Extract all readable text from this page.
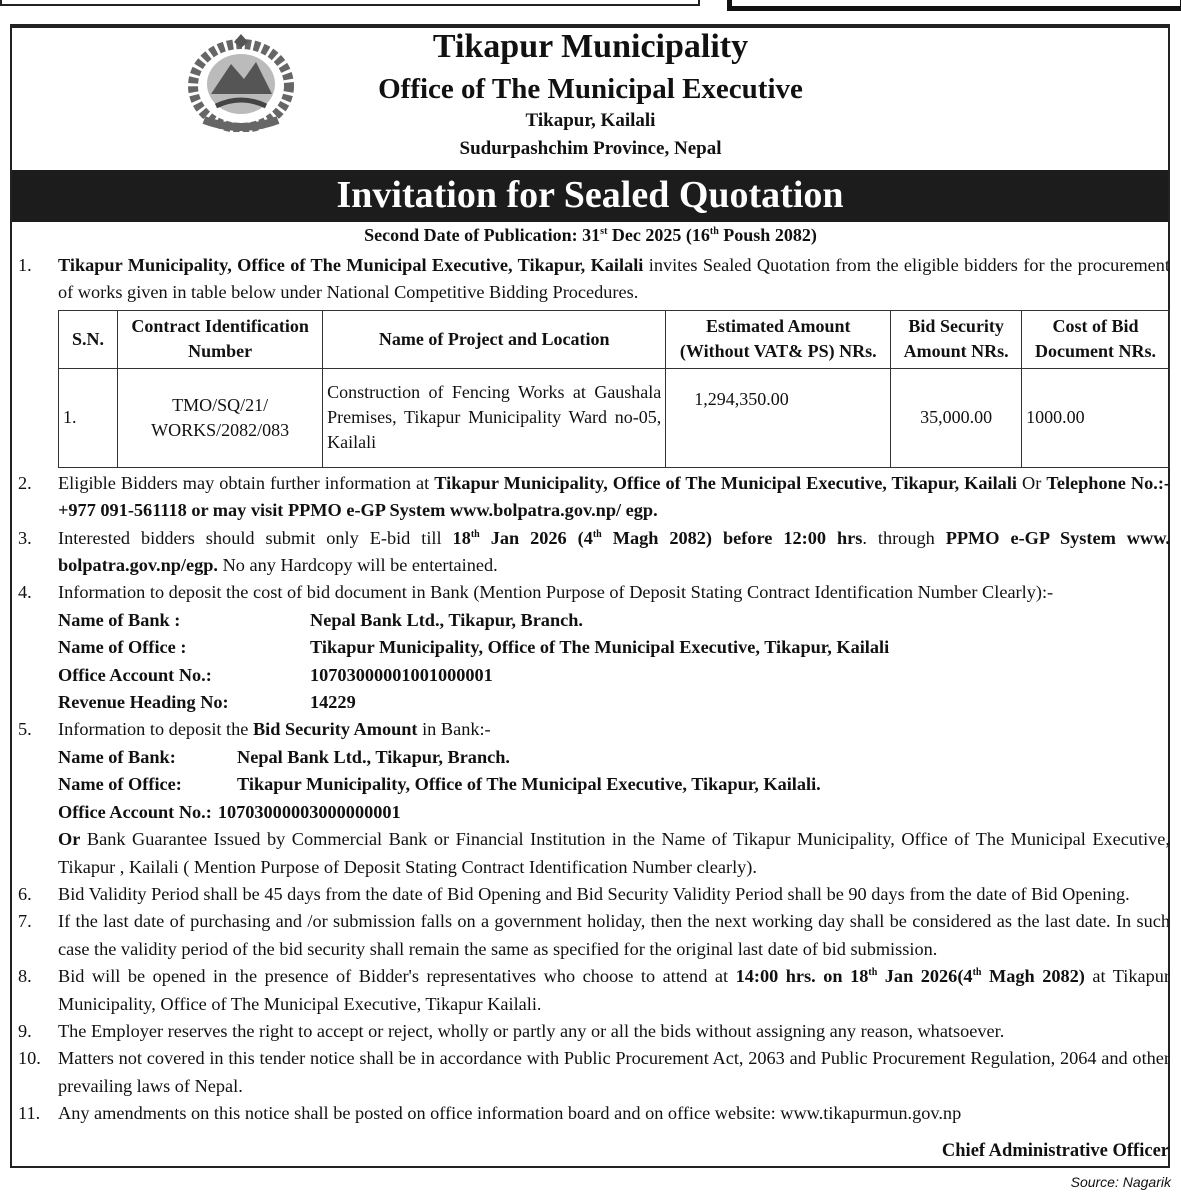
Tikapur Municipality
Office of The Municipal Executive
Tikapur, Kailali
Sudurpashchim Province, Nepal
Invitation for Sealed Quotation
Second Date of Publication: 31st Dec 2025 (16th Poush 2082)
1.	Tikapur Municipality, Office of The Municipal Executive, Tikapur, Kailali invites Sealed Quotation from the eligible bidders for the procurement of works given in table below under National Competitive Bidding Procedures.
S.N.	Contract Identification Number	Name of Project and Location	Estimated Amount (Without VAT& PS) NRs.	Bid Security Amount NRs.	Cost of Bid Document NRs.
1.	TMO/SQ/21/ WORKS/2082/083	Construction of Fencing Works at Gaushala Premises, Tikapur Municipality Ward no-05, Kailali	1,294,350.00	35,000.00	1000.00
2.	Eligible Bidders may obtain further information at Tikapur Municipality, Office of The Municipal Executive, Tikapur, Kailali Or Telephone No.:- +977 091-561118 or may visit PPMO e-GP System www.bolpatra.gov.np/ egp.
3.	Interested bidders should submit only E-bid till 18th Jan 2026 (4th Magh 2082) before 12:00 hrs. through PPMO e-GP System www. bolpatra.gov.np/egp. No any Hardcopy will be entertained.
4.	Information to deposit the cost of bid document in Bank (Mention Purpose of Deposit Stating Contract Identification Number Clearly):-
Name of Bank :	Nepal Bank Ltd., Tikapur, Branch.
Name of Office :	Tikapur Municipality, Office of The Municipal Executive, Tikapur, Kailali
Office Account No.:	10703000001001000001
Revenue Heading No:	14229
5.	Information to deposit the Bid Security Amount in Bank:-
Name of Bank:	Nepal Bank Ltd., Tikapur, Branch.
Name of Office:	Tikapur Municipality, Office of The Municipal Executive, Tikapur, Kailali.
Office Account No.: 10703000003000000001
Or Bank Guarantee Issued by Commercial Bank or Financial Institution in the Name of Tikapur Municipality, Office of The Municipal Executive, Tikapur , Kailali ( Mention Purpose of Deposit Stating Contract Identification Number clearly).
6.	Bid Validity Period shall be 45 days from the date of Bid Opening and Bid Security Validity Period shall be 90 days from the date of Bid Opening.
7.	If the last date of purchasing and /or submission falls on a government holiday, then the next working day shall be considered as the last date. In such case the validity period of the bid security shall remain the same as specified for the original last date of bid submission.
8.	Bid will be opened in the presence of Bidder's representatives who choose to attend at 14:00 hrs. on 18th Jan 2026(4th Magh 2082) at Tikapur Municipality, Office of The Municipal Executive, Tikapur Kailali.
9.	The Employer reserves the right to accept or reject, wholly or partly any or all the bids without assigning any reason, whatsoever.
10. Matters not covered in this tender notice shall be in accordance with Public Procurement Act, 2063 and Public Procurement Regulation, 2064 and other prevailing laws of Nepal.
11. Any amendments on this notice shall be posted on office information board and on office website: www.tikapurmun.gov.np
Chief Administrative Officer
Source: Nagarik
